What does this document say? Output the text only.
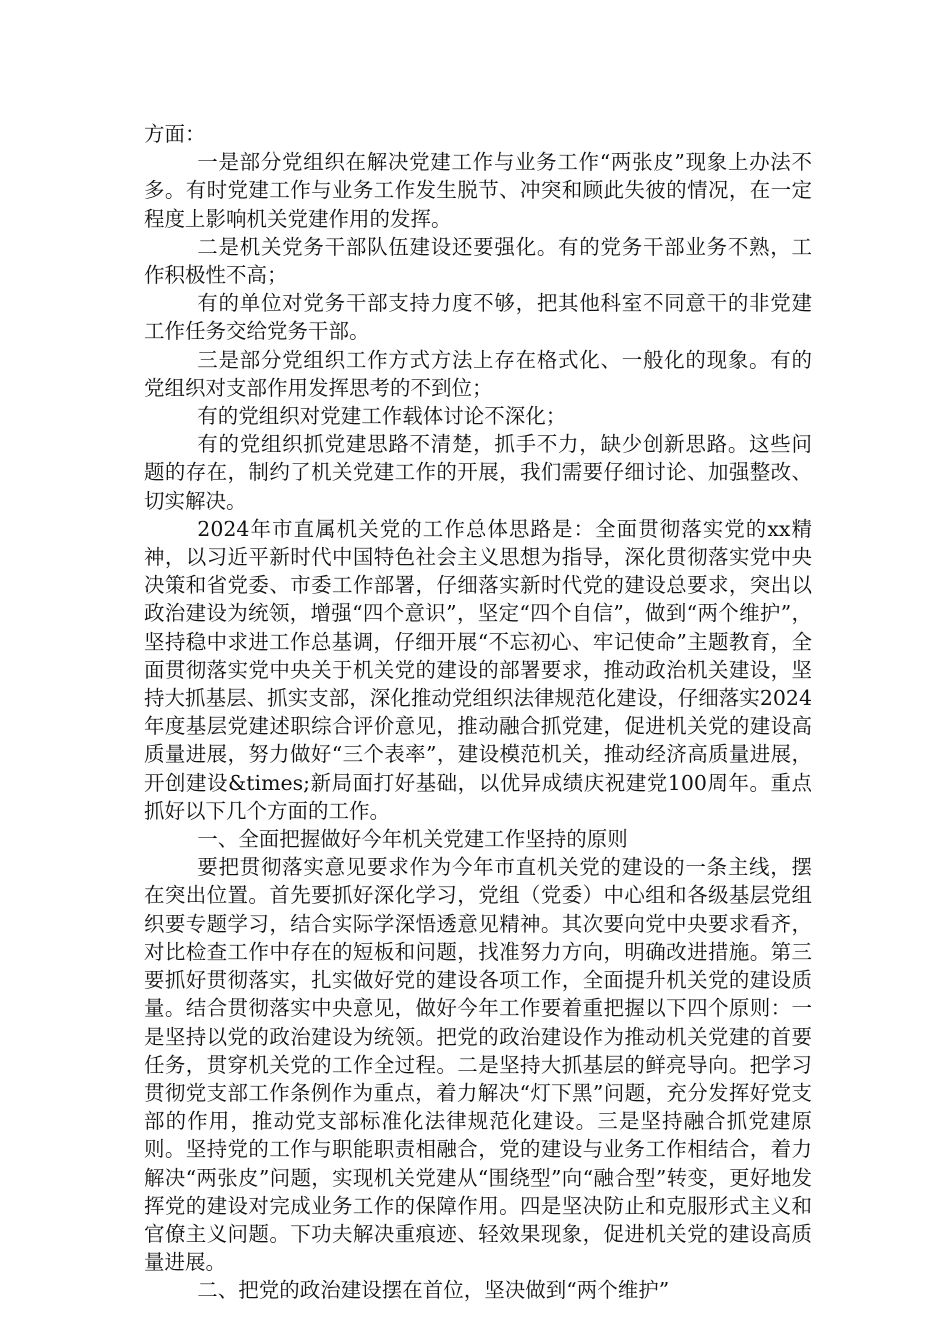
方面：

一是部分党组织在解决党建工作与业务工作“两张皮”现象上办法不多。有时党建工作与业务工作发生脱节、冲突和顾此失彼的情况，在一定程度上影响机关党建作用的发挥。

二是机关党务干部队伍建设还要强化。有的党务干部业务不熟，工作积极性不高；

有的单位对党务干部支持力度不够，把其他科室不同意干的非党建工作任务交给党务干部。

三是部分党组织工作方式方法上存在格式化、一般化的现象。有的党组织对支部作用发挥思考的不到位；

有的党组织对党建工作载体讨论不深化；

有的党组织抓党建思路不清楚，抓手不力，缺少创新思路。这些问题的存在，制约了机关党建工作的开展，我们需要仔细讨论、加强整改、切实解决。

2024年市直属机关党的工作总体思路是：全面贯彻落实党的xx精神，以习近平新时代中国特色社会主义思想为指导，深化贯彻落实党中央决策和省党委、市委工作部署，仔细落实新时代党的建设总要求，突出以政治建设为统领，增强“四个意识”，坚定“四个自信”，做到“两个维护”，坚持稳中求进工作总基调，仔细开展“不忘初心、牢记使命”主题教育，全面贯彻落实党中央关于机关党的建设的部署要求，推动政治机关建设，坚持大抓基层、抓实支部，深化推动党组织法律规范化建设，仔细落实2024年度基层党建述职综合评价意见，推动融合抓党建，促进机关党的建设高质量进展，努力做好“三个表率”，建设模范机关，推动经济高质量进展，开创建设&times;新局面打好基础，以优异成绩庆祝建党100周年。重点抓好以下几个方面的工作。

一、全面把握做好今年机关党建工作坚持的原则

要把贯彻落实意见要求作为今年市直机关党的建设的一条主线，摆在突出位置。首先要抓好深化学习，党组（党委）中心组和各级基层党组织要专题学习，结合实际学深悟透意见精神。其次要向党中央要求看齐，对比检查工作中存在的短板和问题，找准努力方向，明确改进措施。第三要抓好贯彻落实，扎实做好党的建设各项工作，全面提升机关党的建设质量。结合贯彻落实中央意见，做好今年工作要着重把握以下四个原则：一是坚持以党的政治建设为统领。把党的政治建设作为推动机关党建的首要任务，贯穿机关党的工作全过程。二是坚持大抓基层的鲜亮导向。把学习贯彻党支部工作条例作为重点，着力解决“灯下黑”问题，充分发挥好党支部的作用，推动党支部标准化法律规范化建设。三是坚持融合抓党建原则。坚持党的工作与职能职责相融合，党的建设与业务工作相结合，着力解决“两张皮”问题，实现机关党建从“围绕型”向“融合型”转变，更好地发挥党的建设对完成业务工作的保障作用。四是坚决防止和克服形式主义和官僚主义问题。下功夫解决重痕迹、轻效果现象，促进机关党的建设高质量进展。

二、把党的政治建设摆在首位，坚决做到“两个维护”
